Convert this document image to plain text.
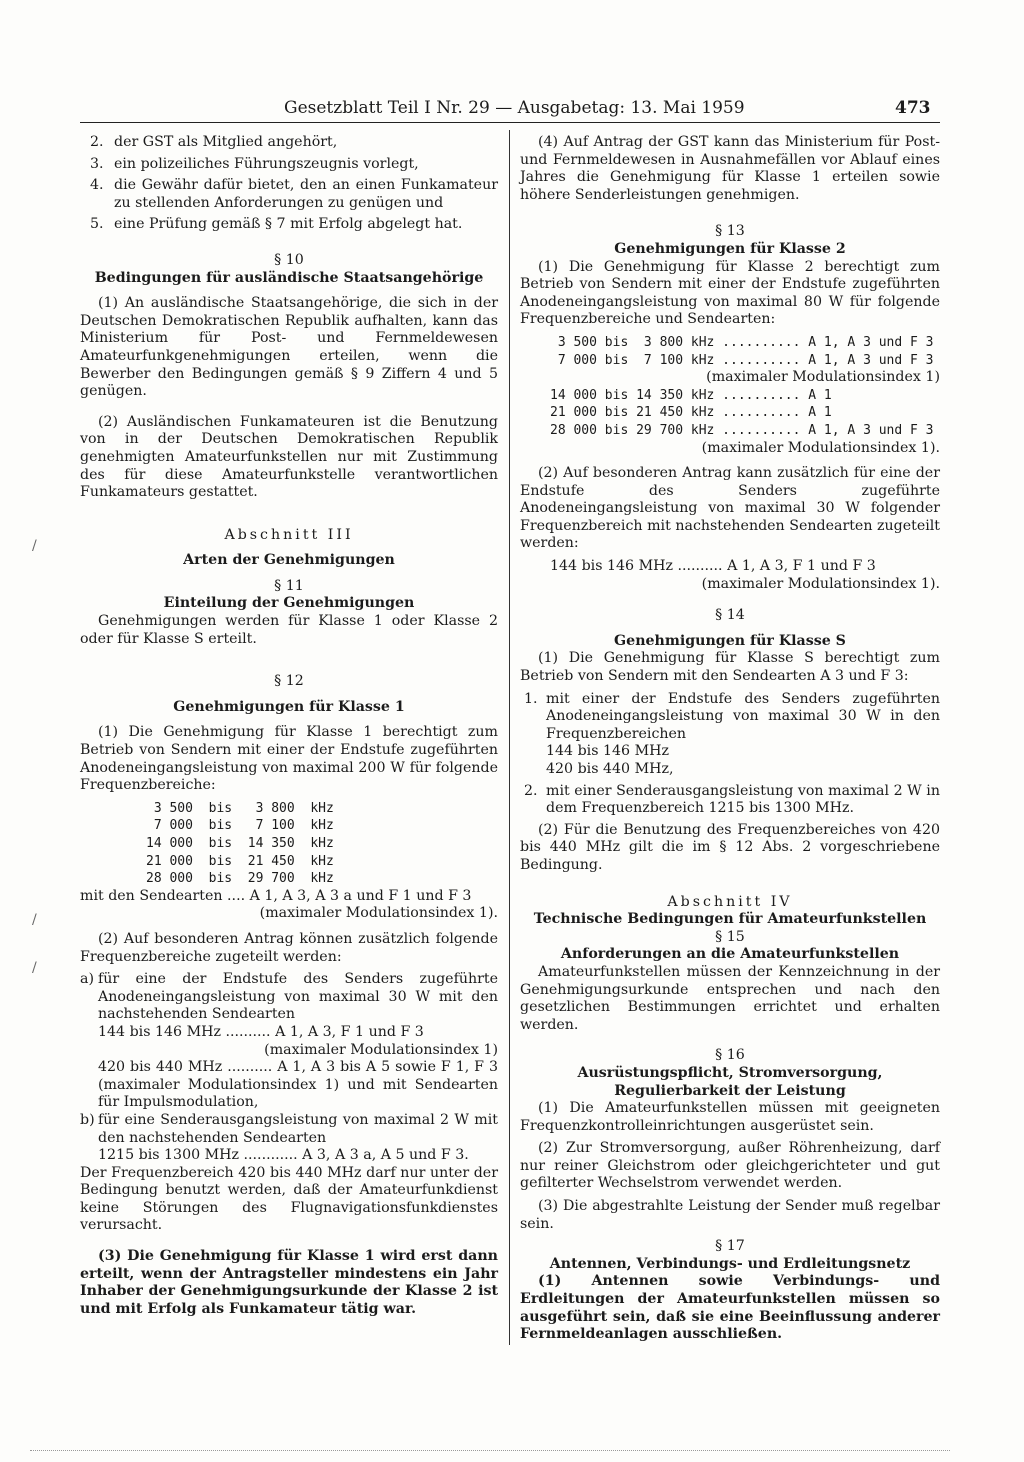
Gesetzblatt Teil I Nr. 29 — Ausgabetag: 13. Mai 1959	473
2. der GST als Mitglied angehört,
3. ein polizeiliches Führungszeugnis vorlegt,
4. die Gewähr dafür bietet, den an einen Funkamateur zu stellenden Anforderungen zu genügen und
5. eine Prüfung gemäß § 7 mit Erfolg abgelegt hat.

§ 10

Bedingungen für ausländische Staatsangehörige

(1) An ausländische Staatsangehörige, die sich in der Deutschen Demokratischen Republik aufhalten, kann das Ministerium für Post- und Fernmeldewesen Amateurfunkgenehmigungen erteilen, wenn die Bewerber den Bedingungen gemäß § 9 Ziffern 4 und 5 genügen.

(2) Ausländischen Funkamateuren ist die Benutzung von in der Deutschen Demokratischen Republik genehmigten Amateurfunkstellen nur mit Zustimmung des für diese Amateurfunkstelle verantwortlichen Funkamateurs gestattet.

Abschnitt III

Arten der Genehmigungen

§ 11

Einteilung der Genehmigungen

Genehmigungen werden für Klasse 1 oder Klasse 2 oder für Klasse S erteilt.

§ 12

Genehmigungen für Klasse 1

(1) Die Genehmigung für Klasse 1 berechtigt zum Betrieb von Sendern mit einer der Endstufe zugeführten Anodeneingangsleistung von maximal 200 W für folgende Frequenzbereiche:

3 500  bis   3 800  kHz

7 000  bis   7 100  kHz

14 000  bis  14 350  kHz

21 000  bis  21 450  kHz

28 000  bis  29 700  kHz

mit den Sendearten .... A 1, A 3, A 3 a und F 1 und F 3

(maximaler Modulationsindex 1).

(2) Auf besonderen Antrag können zusätzlich folgende Frequenzbereiche zugeteilt werden:

a) für eine der Endstufe des Senders zugeführte Anodeneingangsleistung von maximal 30 W mit den nachstehenden Sendearten

144 bis 146 MHz .......... A 1, A 3, F 1 und F 3

(maximaler Modulationsindex 1)

420 bis 440 MHz .......... A 1, A 3 bis A 5 sowie F 1, F 3 (maximaler Modulationsindex 1) und mit Sendearten für Impulsmodulation,

b) für eine Senderausgangsleistung von maximal 2 W mit den nachstehenden Sendearten

1215 bis 1300 MHz ............ A 3, A 3 a, A 5 und F 3.

Der Frequenzbereich 420 bis 440 MHz darf nur unter der Bedingung benutzt werden, daß der Amateurfunkdienst keine Störungen des Flugnavigationsfunkdienstes verursacht.

(3) Die Genehmigung für Klasse 1 wird erst dann erteilt, wenn der Antragsteller mindestens ein Jahr Inhaber der Genehmigungsurkunde der Klasse 2 ist und mit Erfolg als Funkamateur tätig war.

(4) Auf Antrag der GST kann das Ministerium für Post- und Fernmeldewesen in Ausnahmefällen vor Ablauf eines Jahres die Genehmigung für Klasse 1 erteilen sowie höhere Senderleistungen genehmigen.

§ 13

Genehmigungen für Klasse 2

(1) Die Genehmigung für Klasse 2 berechtigt zum Betrieb von Sendern mit einer der Endstufe zugeführten Anodeneingangsleistung von maximal 80 W für folgende Frequenzbereiche und Sendearten:

3 500 bis  3 800 kHz .......... A 1, A 3 und F 3

7 000 bis  7 100 kHz .......... A 1, A 3 und F 3

(maximaler Modulationsindex 1)

14 000 bis 14 350 kHz .......... A 1

21 000 bis 21 450 kHz .......... A 1

28 000 bis 29 700 kHz .......... A 1, A 3 und F 3

(maximaler Modulationsindex 1).

(2) Auf besonderen Antrag kann zusätzlich für eine der Endstufe des Senders zugeführte Anodeneingangsleistung von maximal 30 W folgender Frequenzbereich mit nachstehenden Sendearten zugeteilt werden:

144 bis 146 MHz .......... A 1, A 3, F 1 und F 3

(maximaler Modulationsindex 1).

§ 14

Genehmigungen für Klasse S

(1) Die Genehmigung für Klasse S berechtigt zum Betrieb von Sendern mit den Sendearten A 3 und F 3:

1. mit einer der Endstufe des Senders zugeführten Anodeneingangsleistung von maximal 30 W in den Frequenzbereichen

144 bis 146 MHz

420 bis 440 MHz,

2. mit einer Senderausgangsleistung von maximal 2 W in dem Frequenzbereich 1215 bis 1300 MHz.

(2) Für die Benutzung des Frequenzbereiches von 420 bis 440 MHz gilt die im § 12 Abs. 2 vorgeschriebene Bedingung.

Abschnitt IV

Technische Bedingungen für Amateurfunkstellen

§ 15

Anforderungen an die Amateurfunkstellen

Amateurfunkstellen müssen der Kennzeichnung in der Genehmigungsurkunde entsprechen und nach den gesetzlichen Bestimmungen errichtet und erhalten werden.

§ 16

Ausrüstungspflicht, Stromversorgung, Regulierbarkeit der Leistung

(1) Die Amateurfunkstellen müssen mit geeigneten Frequenzkontrolleinrichtungen ausgerüstet sein.

(2) Zur Stromversorgung, außer Röhrenheizung, darf nur reiner Gleichstrom oder gleichgerichteter und gut gefilterter Wechselstrom verwendet werden.

(3) Die abgestrahlte Leistung der Sender muß regelbar sein.

§ 17

Antennen, Verbindungs- und Erdleitungsnetz

(1) Antennen sowie Verbindungs- und Erdleitungen der Amateurfunkstellen müssen so ausgeführt sein, daß sie eine Beeinflussung anderer Fernmeldeanlagen ausschließen.

/
/
/
